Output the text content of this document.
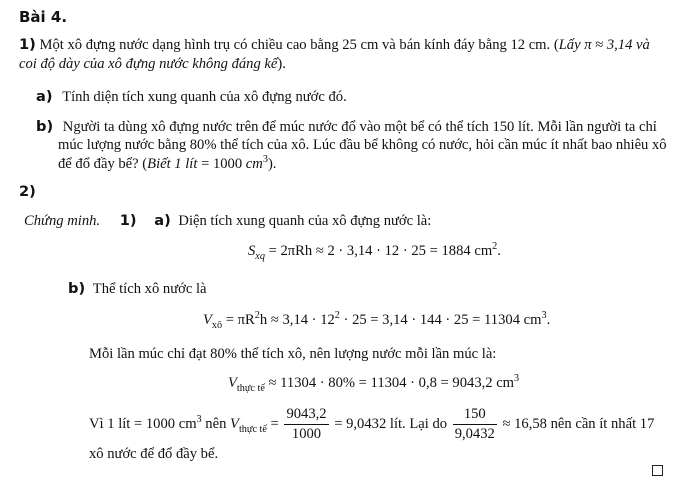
Bài 4.
1) Một xô đựng nước dạng hình trụ có chiều cao bằng 25 cm và bán kính đáy bằng 12 cm. (Lấy π ≈ 3,14 và
coi độ dày của xô đựng nước không đáng kể).
a) Tính diện tích xung quanh của xô đựng nước đó.
b) Người ta dùng xô đựng nước trên để múc nước đổ vào một bể có thể tích 150 lít. Mỗi lần người ta chỉ
múc lượng nước bằng 80% thể tích của xô. Lúc đầu bể không có nước, hỏi cần múc ít nhất bao nhiêu xô
để đổ đầy bể? (Biết 1 lít = 1000 $cm^3$).
2)
Chứng minh. 1) a) Diện tích xung quanh của xô đựng nước là:
$S_{xq} = 2\pi Rh \approx 2 \cdot 3,14 \cdot 12 \cdot 25 = 1884$ $cm^2$.
b) Thể tích xô nước là
$V_{xô} = \pi R^2h \approx 3,14 \cdot 12^2 \cdot 25 = 3,14 \cdot 144 \cdot 25 = 11304$ $cm^3$.
Mỗi lần múc chỉ đạt 80% thể tích xô, nên lượng nước mỗi lần múc là:
$V_{thực tế} \approx 11304 \cdot 80\% = 11304 \cdot 0,8 = 9043,2$ $cm^3$
Vì 1 lít = 1000 $cm^3$ nên $V_{thực tế} = \frac{9043,2}{1000} = 9,0432$ lít. Lại do $\frac{150}{9,0432} \approx 16,58$ nên cần ít nhất 17
xô nước để đổ đầy bể.
